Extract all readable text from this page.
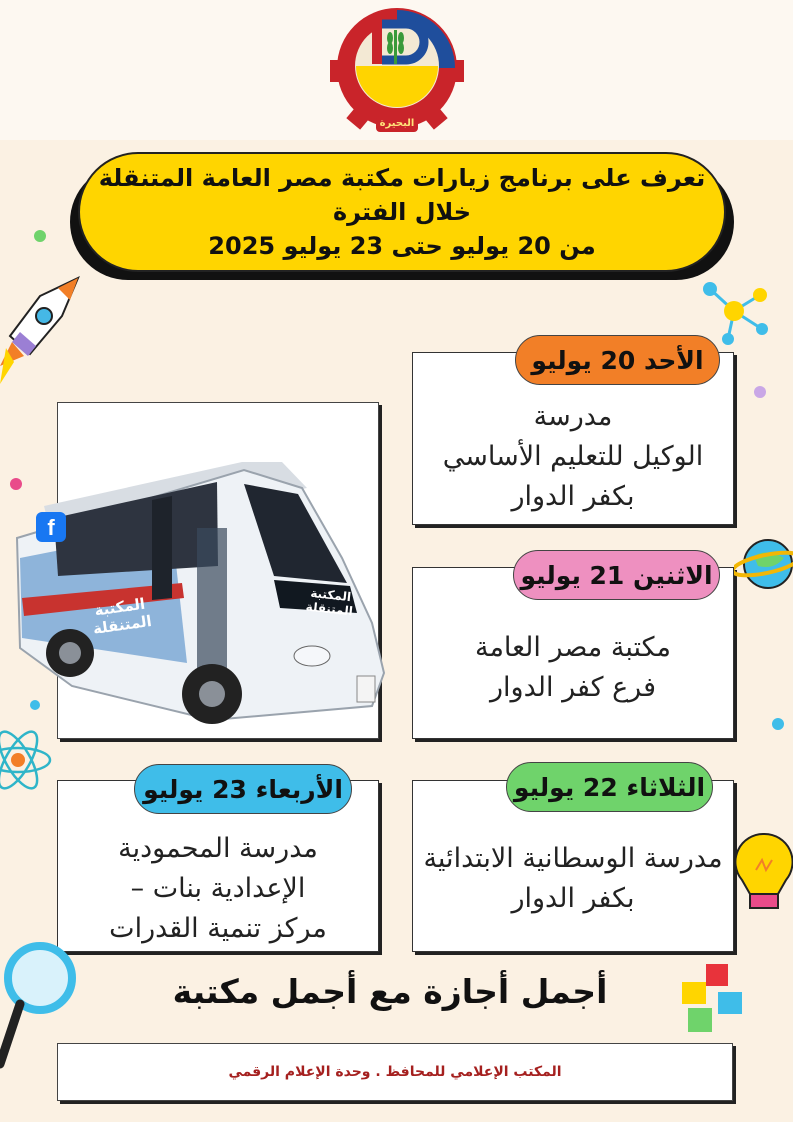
البحيرة
تعرف على برنامج زيارات مكتبة مصر العامة المتنقلة
خلال الفترة
من 20 يوليو حتى 23 يوليو 2025
مدرسة
الوكيل للتعليم الأساسي
بكفر الدوار
الأحد 20 يوليو
مكتبة مصر العامة
فرع كفر الدوار
الاثنين 21 يوليو
مدرسة الوسطانية الابتدائية
بكفر الدوار
الثلاثاء 22 يوليو
مدرسة المحمودية
الإعدادية بنات –
مركز تنمية القدرات
الأربعاء 23 يوليو
f
المكتبة المتنقلة
المكتبة المتنقلة
أجمل أجازة مع أجمل مكتبة
المكتب الإعلامي للمحافظ . وحدة الإعلام الرقمي
